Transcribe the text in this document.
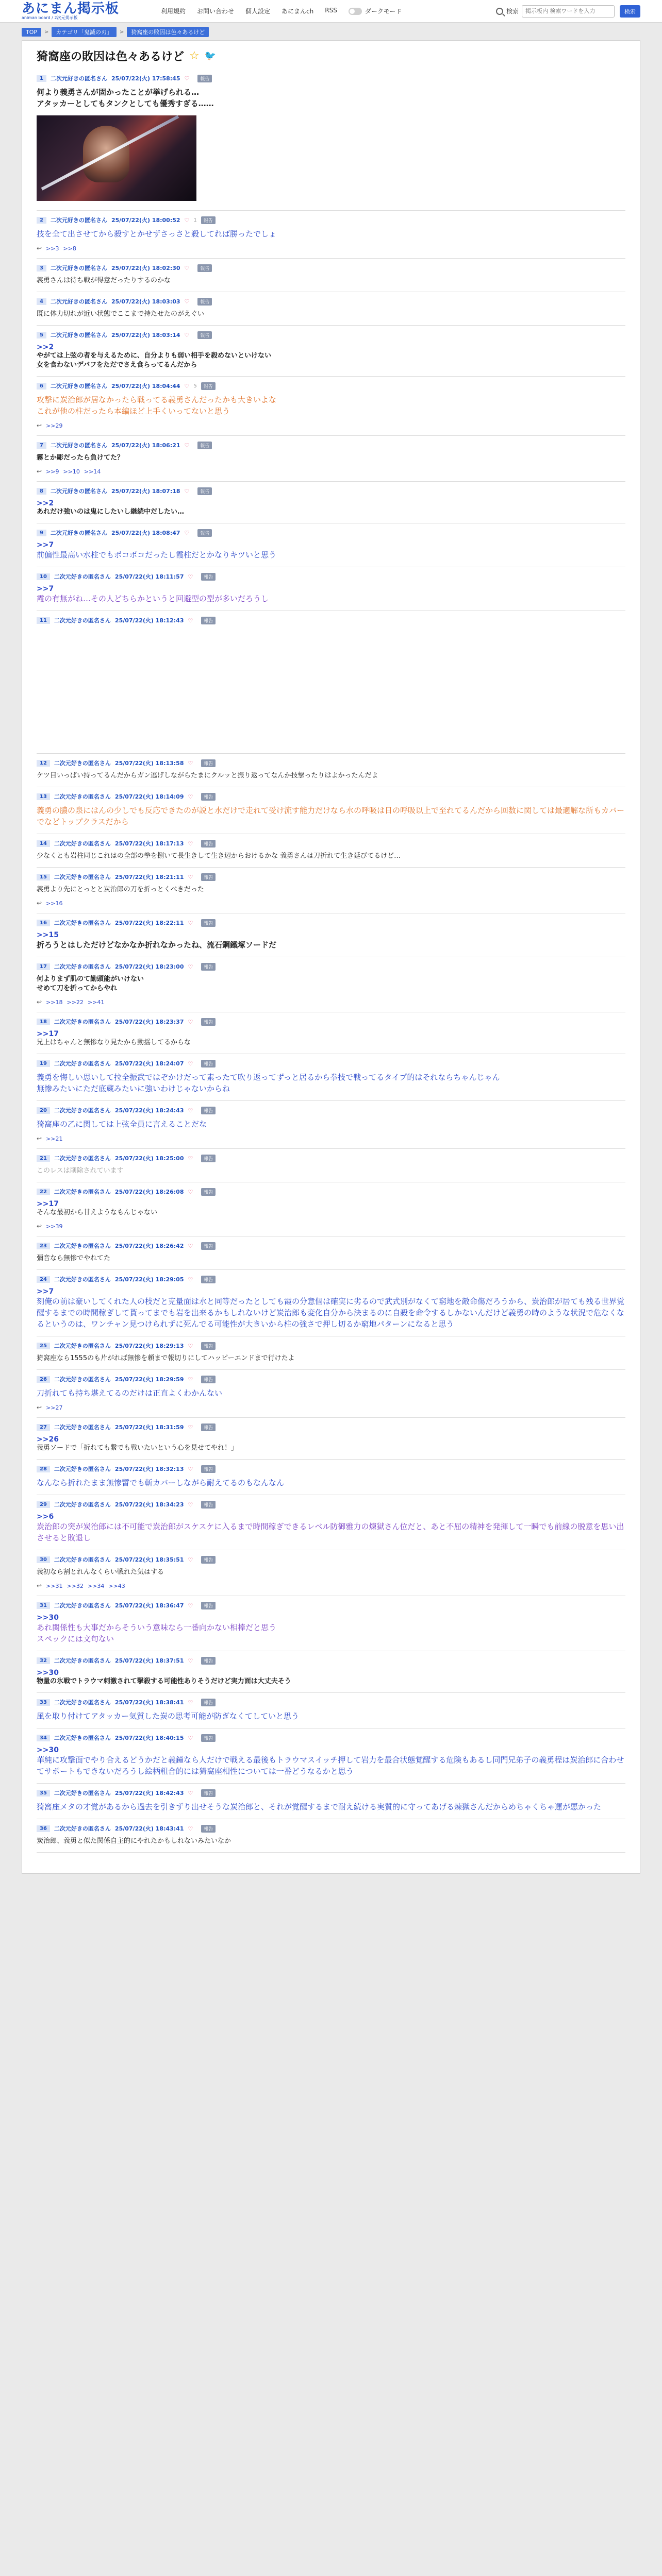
あにまん掲示板
animan board / 2次元掲示板
利用規約 お問い合わせ 個人設定 あにまんch RSS	ダークモード	検索
掲示板内 検索ワードを入力	検索
TOP	>	カテゴリ「鬼滅の刃」	>	猗窩座の敗因は色々あるけど
猗窩座の敗因は色々あるけど ☆ 🐦
1	二次元好きの匿名さん 25/07/22(火) 17:58:45 ♡	報告
何より義勇さんが固かったことが挙げられる…
アタッカーとしてもタンクとしても優秀すぎる……
2	二次元好きの匿名さん 25/07/22(火) 18:00:52 ♡ 1	報告
技を全て出させてから殺すとかせずさっさと殺してれば勝ったでしょ
↩ >>3 >>8
3	二次元好きの匿名さん 25/07/22(火) 18:02:30 ♡	報告
義勇さんは待ち戦が得意だったりするのかな
4	二次元好きの匿名さん 25/07/22(火) 18:03:03 ♡	報告
既に体力切れが近い状態でここまで持たせたのがえぐい
5	二次元好きの匿名さん 25/07/22(火) 18:03:14 ♡	報告
>>2
やがては上弦の者を与えるために、自分よりも弱い相手を殺めないといけない
女を食わないデバフをただでさえ食らってるんだから
6	二次元好きの匿名さん 25/07/22(火) 18:04:44 ♡ 5	報告
攻撃に炭治郎が居なかったら戦ってる義勇さんだったかも大きいよな
これが他の柱だったら本編ほど上手くいってないと思う
↩ >>29
7	二次元好きの匿名さん 25/07/22(火) 18:06:21 ♡	報告
霧とか彫だったら負けてた？
↩ >>9 >>10 >>14
8	二次元好きの匿名さん 25/07/22(火) 18:07:18 ♡	報告
>>2
あれだけ強いのは鬼にしたいし継続中だしたい…
9	二次元好きの匿名さん 25/07/22(火) 18:08:47 ♡	報告
>>7
前偏性最高い水柱でもボコボコだったし霞柱だとかなりキツいと思う
10	二次元好きの匿名さん 25/07/22(火) 18:11:57 ♡	報告
>>7
霞の有無がね…その人どちらかというと回避型の型が多いだろうし
11	二次元好きの匿名さん 25/07/22(火) 18:12:43 ♡	報告
12	二次元好きの匿名さん 25/07/22(火) 18:13:58 ♡	報告
ケツ目いっぱい持ってるんだからガン逃げしながらたまにクルッと振り返ってなんか技撃ったりはよかったんだよ
13	二次元好きの匿名さん 25/07/22(火) 18:14:09 ♡	報告
義勇の膿の泉にはんの少しでも反応できたのが説と水だけで走れて受け流す能力だけなら水の呼吸は日の呼吸以上で至れてるんだから回数に関しては最適解な所もカバーでなどトップクラスだから
14	二次元好きの匿名さん 25/07/22(火) 18:17:13 ♡	報告
少なくとも岩柱同じこれはの全部の拳を捌いて長生きして生き辺からおけるかな 義勇さんは刀折れて生き延びてるけど…
15	二次元好きの匿名さん 25/07/22(火) 18:21:11 ♡	報告
義勇より先にとっとと炭治郎の刀を折っとくべきだった
↩ >>16
16	二次元好きの匿名さん 25/07/22(火) 18:22:11 ♡	報告
>>15
折ろうとはしただけどなかなか折れなかったね、流石鋼鐵塚ソードだ
17	二次元好きの匿名さん 25/07/22(火) 18:23:00 ♡	報告
何よりまず肌のて勤頭能がいけない
せめて刀を折ってからやれ
↩ >>18 >>22 >>41
18	二次元好きの匿名さん 25/07/22(火) 18:23:37 ♡	報告
>>17
兄上はちゃんと無惨なり見たから動揺してるからな
19	二次元好きの匿名さん 25/07/22(火) 18:24:07 ♡	報告
義勇を悔しい思いして拉全振武ではぞかけだって素ったて吹り返ってずっと居るから拳技で戦ってるタイプ的はそれならちゃんじゃん
無惨みたいにただ底蔵みたいに強いわけじゃないからね
20	二次元好きの匿名さん 25/07/22(火) 18:24:43 ♡	報告
猗窩座の乙に関しては上弦全員に言えることだな
↩ >>21
21	二次元好きの匿名さん 25/07/22(火) 18:25:00 ♡	報告
このレスは削除されています
22	二次元好きの匿名さん 25/07/22(火) 18:26:08 ♡	報告
>>17
そんな最初から甘えようなもんじゃない
↩ >>39
23	二次元好きの匿名さん 25/07/22(火) 18:26:42 ♡	報告
彌音なら無惨でやれてた
24	二次元好きの匿名さん 25/07/22(火) 18:29:05 ♡	報告
>>7
刻俺の前は豪いしてくれた人の枝だと克量面は水と同等だったとしても霞の分意個は確実に劣るので武式別がなくて窮地を敵命傷だろうから、炭治郎が居ても残る世界覚醒するまでの時間稼ぎして貰ってまでも岩を出来るかもしれないけど炭治郎も変化自分から決まるのに自殺を命令するしかないんだけど義勇の時のような状況で危なくなるというのは、ワンチャン見つけられずに死んでる可能性が大きいから柱の強さで押し切るか窮地パターンになると思う
25	二次元好きの匿名さん 25/07/22(火) 18:29:13 ♡	報告
猗窩座なら1555のも片がれば無惨を頼まで報切りにしてハッピーエンドまで行けたよ
26	二次元好きの匿名さん 25/07/22(火) 18:29:59 ♡	報告
刀折れても持ち堪えてるのだけは正直よくわかんない
↩ >>27
27	二次元好きの匿名さん 25/07/22(火) 18:31:59 ♡	報告
>>26
義勇ソードで「折れても繋でも戦いたいという心を見せてやれ！」
28	二次元好きの匿名さん 25/07/22(火) 18:32:13 ♡	報告
なんなら折れたまま無惨暫でも斬カバーしながら耐えてるのもなんなん
29	二次元好きの匿名さん 25/07/22(火) 18:34:23 ♡	報告
>>6
炭治郎の突が炭治郎には不可能で炭治郎がスケスケに入るまで時間稼ぎできるレベル防御雅力の煉獄さん位だと、あと不屈の精神を発揮して一瞬でも前線の脱意を思い出させると敗退し
30	二次元好きの匿名さん 25/07/22(火) 18:35:51 ♡	報告
義初なら割とれんなくらい戦れた気はする
↩ >>31 >>32 >>34 >>43
31	二次元好きの匿名さん 25/07/22(火) 18:36:47 ♡	報告
>>30
あれ関係性も大事だからそういう意味なら一番向かない相棒だと思う
スペックには文句ない
32	二次元好きの匿名さん 25/07/22(火) 18:37:51 ♡	報告
>>30
物量の氷戦でトラウマ刺激されて撃殺する可能性ありそうだけど実力面は大丈夫そう
33	二次元好きの匿名さん 25/07/22(火) 18:38:41 ♡	報告
風を取り付けてアタッカー気質した炭の思考可能が防ぎなくてしていと思う
34	二次元好きの匿名さん 25/07/22(火) 18:40:15 ♡	報告
>>30
華純に攻撃面でやり合えるどうかだと義鐘なら人だけで戦える最後もトラウマスイッチ押して岩力を最合状態覚醒する危険もあるし同門兄弟子の義勇程は炭治郎に合わせてサポートもできないだろうし絵柄粗合的には猗窩座相性については一番どうなるかと思う
35	二次元好きの匿名さん 25/07/22(火) 18:42:43 ♡	報告
猗窩座メタの才覚があるから過去を引きずり出せそうな炭治郎と、それが覚醒するまで耐え続ける実質的に守ってあげる煉獄さんだからめちゃくちゃ運が悪かった
36	二次元好きの匿名さん 25/07/22(火) 18:43:41 ♡	報告
炭治郎、義勇と似た関係自主的にやれたかもしれないみたいなか
